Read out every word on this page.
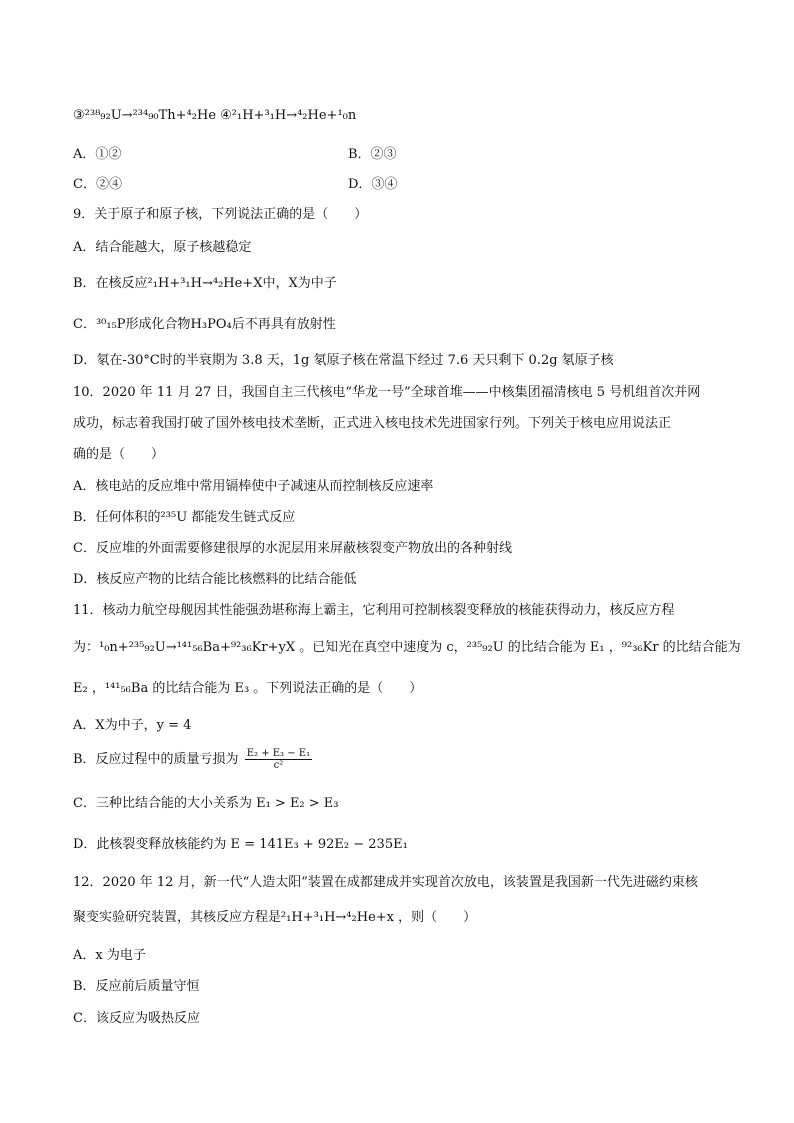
③²³⁸₉₂U→²³⁴₉₀Th+⁴₂He ④²₁H+³₁H→⁴₂He+¹₀n
A．①②	B．②③
C．②④	D．③④
9．关于原子和原子核，下列说法正确的是（　　）
A．结合能越大，原子核越稳定
B．在核反应²₁H+³₁H→⁴₂He+X中，X为中子
C．³⁰₁₅P形成化合物H₃PO₄后不再具有放射性
D．氡在-30°C时的半衰期为 3.8 天，1g 氡原子核在常温下经过 7.6 天只剩下 0.2g 氡原子核
10．2020 年 11 月 27 日，我国自主三代核电“华龙一号”全球首堆——中核集团福清核电 5 号机组首次并网
成功，标志着我国打破了国外核电技术垄断，正式进入核电技术先进国家行列。下列关于核电应用说法正
确的是（　　）
A．核电站的反应堆中常用镉棒使中子减速从而控制核反应速率
B．任何体积的²³⁵U 都能发生链式反应
C．反应堆的外面需要修建很厚的水泥层用来屏蔽核裂变产物放出的各种射线
D．核反应产物的比结合能比核燃料的比结合能低
11．核动力航空母舰因其性能强劲堪称海上霸主，它利用可控制核裂变释放的核能获得动力，核反应方程
为：¹₀n+²³⁵₉₂U→¹⁴¹₅₆Ba+⁹²₃₆Kr+yX 。已知光在真空中速度为 c，²³⁵₉₂U 的比结合能为 E₁ ，⁹²₃₆Kr 的比结合能为
E₂ ，¹⁴¹₅₆Ba 的比结合能为 E₃ 。下列说法正确的是（　　）
A．X为中子，y = 4
B．反应过程中的质量亏损为 $\frac{\text{E₂ + E₃ − E₁}}{\text{c²}}$
C．三种比结合能的大小关系为 E₁ > E₂ > E₃
D．此核裂变释放核能约为 E = 141E₃ + 92E₂ − 235E₁
12．2020 年 12 月，新一代“人造太阳”装置在成都建成并实现首次放电，该装置是我国新一代先进磁约束核
聚变实验研究装置，其核反应方程是²₁H+³₁H→⁴₂He+x ，则（　　）
A．x 为电子
B．反应前后质量守恒
C．该反应为吸热反应
